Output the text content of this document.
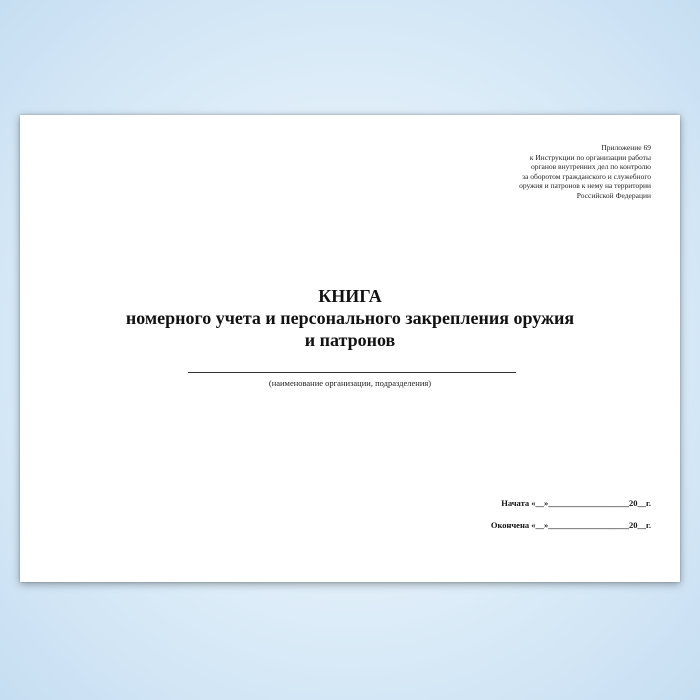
Приложение 69
к Инструкции по организации работы
органов внутренних дел по контролю
за оборотом гражданского и служебного
оружия и патронов к нему на территории
Российской Федерации
КНИГА
номерного учета и персонального закрепления оружия
и патронов
(наименование организации, подразделения)
Начата «__»___________________20__г.
Окончена «__»___________________20__г.
